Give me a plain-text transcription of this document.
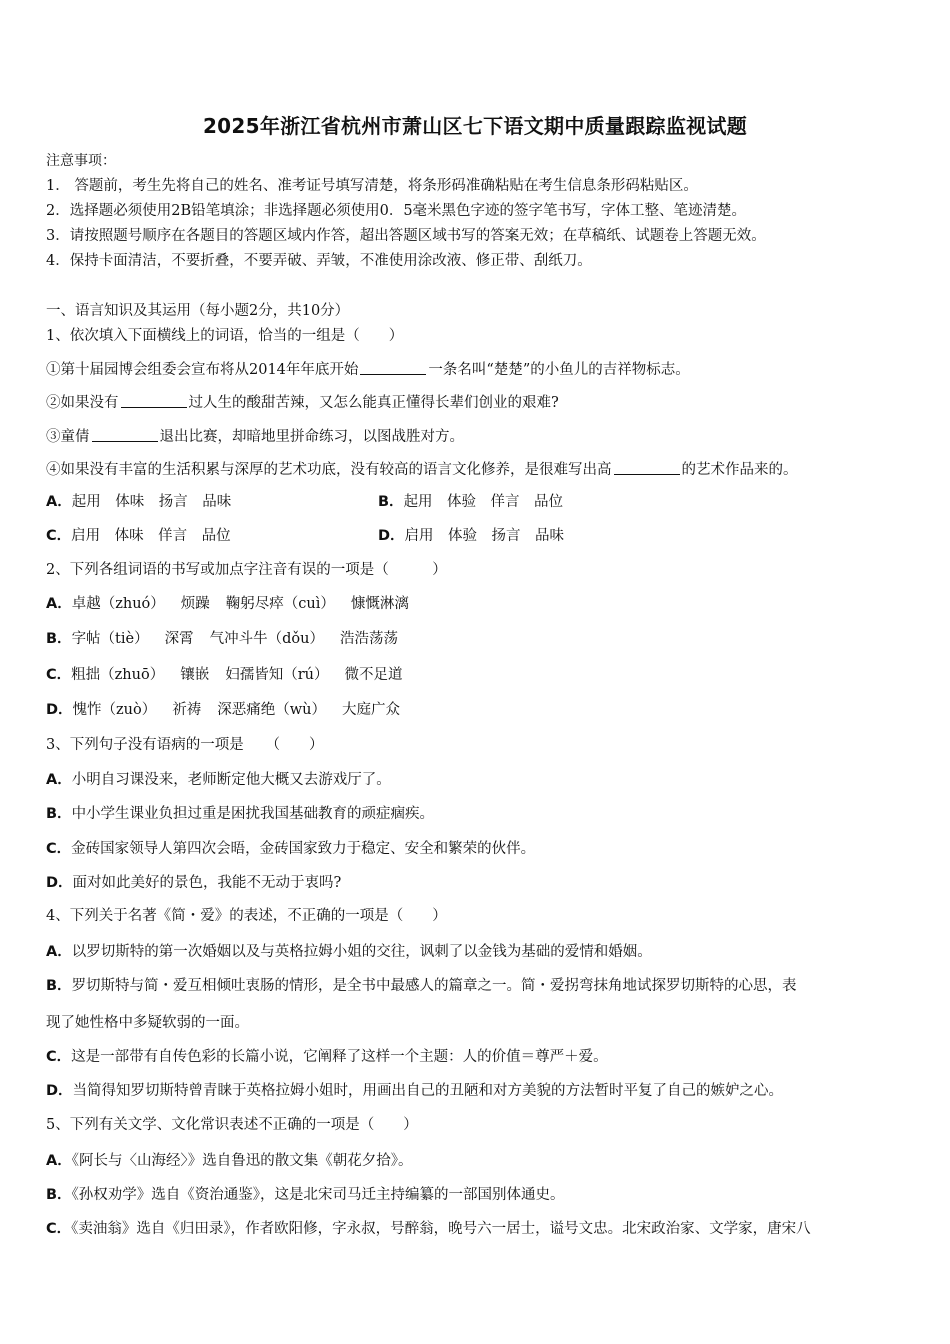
2025年浙江省杭州市萧山区七下语文期中质量跟踪监视试题
注意事项：
1． 答题前，考生先将自己的姓名、准考证号填写清楚，将条形码准确粘贴在考生信息条形码粘贴区。
2．选择题必须使用2B铅笔填涂；非选择题必须使用0．5毫米黑色字迹的签字笔书写，字体工整、笔迹清楚。
3．请按照题号顺序在各题目的答题区域内作答，超出答题区域书写的答案无效；在草稿纸、试题卷上答题无效。
4．保持卡面清洁，不要折叠，不要弄破、弄皱，不准使用涂改液、修正带、刮纸刀。
一、语言知识及其运用（每小题2分，共10分）
1、依次填入下面横线上的词语，恰当的一组是（　　）
①第十届园博会组委会宣布将从2014年年底开始	一条名叫“楚楚”的小鱼儿的吉祥物标志。
②如果没有	过人生的酸甜苦辣，又怎么能真正懂得长辈们创业的艰难?
③童倩	退出比赛，却暗地里拼命练习，以图战胜对方。
④如果没有丰富的生活积累与深厚的艺术功底，没有较高的语言文化修养，是很难写出高	的艺术作品来的。
A．起用　体味　扬言　品味	B．起用　体验　佯言　品位
C．启用　体味　佯言　品位	D．启用　体验　扬言　品味
2、下列各组词语的书写或加点字注音有误的一项是（　　　）
A．卓越（zhuó） 烦躁 鞠躬尽瘁（cuì） 慷慨淋漓
B．字帖（tiè） 深霄 气冲斗牛（dǒu） 浩浩荡荡
C．粗拙（zhuō） 镶嵌 妇孺皆知（rú） 微不足道
D．愧怍（zuò） 祈祷 深恶痛绝（wù） 大庭广众
3、下列句子没有语病的一项是　　（　　）
A．小明自习课没来，老师断定他大概又去游戏厅了。
B．中小学生课业负担过重是困扰我国基础教育的顽症痼疾。
C．金砖国家领导人第四次会晤，金砖国家致力于稳定、安全和繁荣的伙伴。
D．面对如此美好的景色，我能不无动于衷吗?
4、下列关于名著《简・爱》的表述，不正确的一项是（　　）
A．以罗切斯特的第一次婚姻以及与英格拉姆小姐的交往，讽刺了以金钱为基础的爱情和婚姻。
B．罗切斯特与简・爱互相倾吐衷肠的情形，是全书中最感人的篇章之一。简・爱拐弯抹角地试探罗切斯特的心思，表
现了她性格中多疑软弱的一面。
C．这是一部带有自传色彩的长篇小说，它阐释了这样一个主题：人的价值＝尊严＋爱。
D．当简得知罗切斯特曾青睐于英格拉姆小姐时，用画出自己的丑陋和对方美貌的方法暂时平复了自己的嫉妒之心。
5、下列有关文学、文化常识表述不正确的一项是（　　）
A．《阿长与〈山海经〉》选自鲁迅的散文集《朝花夕拾》。
B．《孙权劝学》选自《资治通鉴》，这是北宋司马迁主持编纂的一部国别体通史。
C．《卖油翁》选自《归田录》，作者欧阳修，字永叔，号醉翁，晚号六一居士，谥号文忠。北宋政治家、文学家，唐宋八
